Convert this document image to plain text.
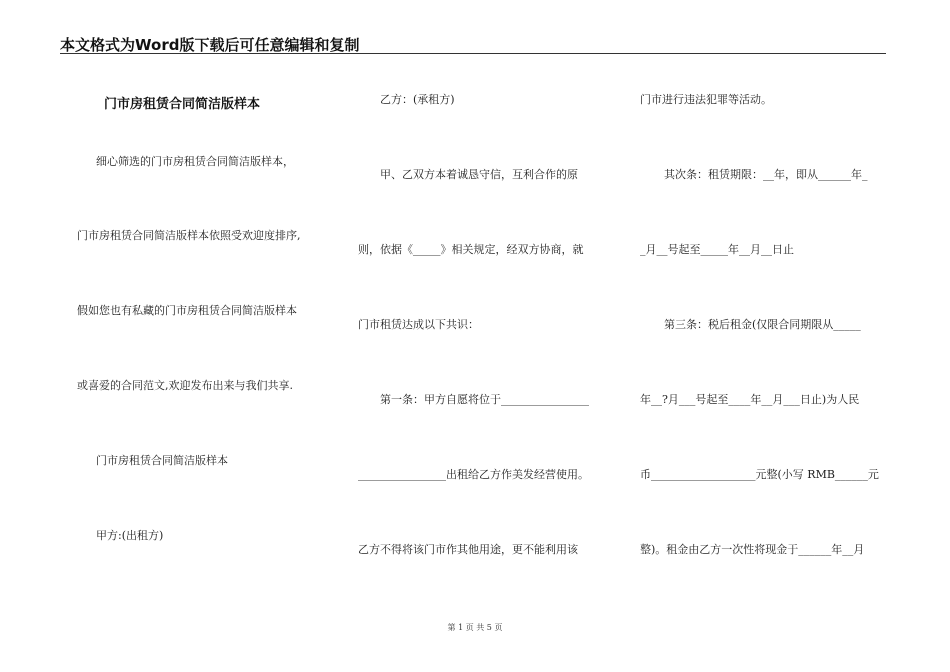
本文格式为Word版下载后可任意编辑和复制
门市房租赁合同简洁版样本
细心筛选的门市房租赁合同简洁版样本，
门市房租赁合同简洁版样本依照受欢迎度排序,
假如您也有私藏的门市房租赁合同简洁版样本
或喜爱的合同范文,欢迎发布出来与我们共享.
门市房租赁合同简洁版样本
甲方:(出租方)
乙方：(承租方)
甲、乙双方本着诚恳守信，互利合作的原
则，依据《_____》相关规定，经双方协商，就
门市租赁达成以下共识：
第一条：甲方自愿将位于________________
________________出租给乙方作美发经营使用。
乙方不得将该门市作其他用途，更不能利用该
门市进行违法犯罪等活动。
其次条：租赁期限：__年，即从______年_
_月__号起至_____年__月__日止
第三条：税后租金(仅限合同期限从_____
年__?月___号起至____年__月___日止)为人民
币___________________元整(小写 RMB______元
整)。租金由乙方一次性将现金于______年__月
第 1 页 共 5 页
